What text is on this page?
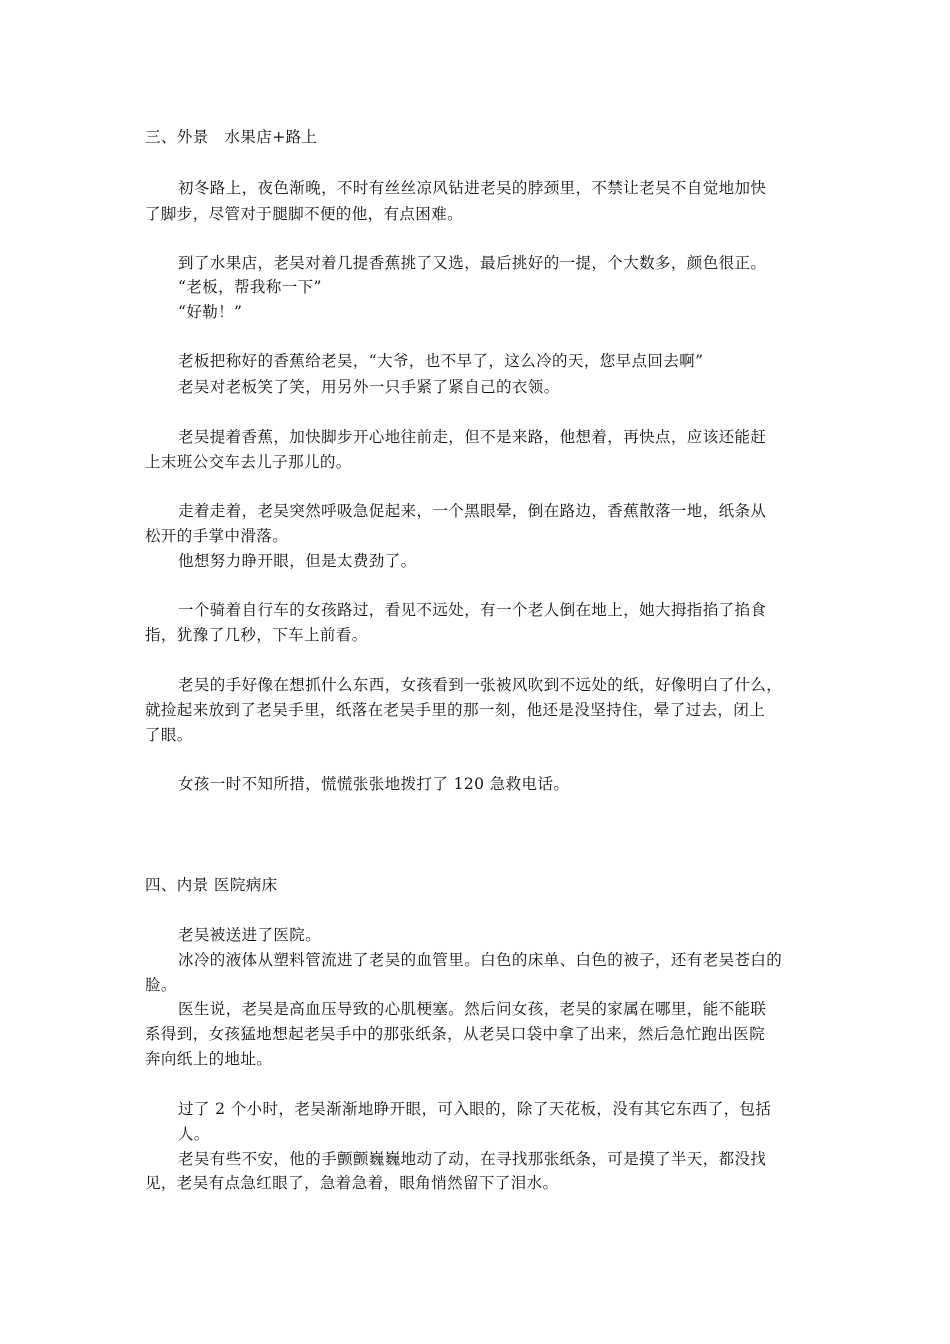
三、外景　水果店+路上
初冬路上，夜色渐晚，不时有丝丝凉风钻进老吴的脖颈里，不禁让老吴不自觉地加快
了脚步，尽管对于腿脚不便的他，有点困难。
到了水果店，老吴对着几提香蕉挑了又选，最后挑好的一提，个大数多，颜色很正。
“老板，帮我称一下”
“好勒！”
老板把称好的香蕉给老吴，“大爷，也不早了，这么冷的天，您早点回去啊”
老吴对老板笑了笑，用另外一只手紧了紧自己的衣领。
老吴提着香蕉，加快脚步开心地往前走，但不是来路，他想着，再快点，应该还能赶
上末班公交车去儿子那儿的。
走着走着，老吴突然呼吸急促起来，一个黑眼晕，倒在路边，香蕉散落一地，纸条从
松开的手掌中滑落。
他想努力睁开眼，但是太费劲了。
一个骑着自行车的女孩路过，看见不远处，有一个老人倒在地上，她大拇指掐了掐食
指，犹豫了几秒，下车上前看。
老吴的手好像在想抓什么东西，女孩看到一张被风吹到不远处的纸，好像明白了什么，
就捡起来放到了老吴手里，纸落在老吴手里的那一刻，他还是没坚持住，晕了过去，闭上
了眼。
女孩一时不知所措，慌慌张张地拨打了 120 急救电话。
四、内景 医院病床
老吴被送进了医院。
冰冷的液体从塑料管流进了老吴的血管里。白色的床单、白色的被子，还有老吴苍白的
脸。
医生说，老吴是高血压导致的心肌梗塞。然后问女孩，老吴的家属在哪里，能不能联
系得到，女孩猛地想起老吴手中的那张纸条，从老吴口袋中拿了出来，然后急忙跑出医院
奔向纸上的地址。
过了 2 个小时，老吴渐渐地睁开眼，可入眼的，除了天花板，没有其它东西了，包括
人。
老吴有些不安，他的手颤颤巍巍地动了动，在寻找那张纸条，可是摸了半天，都没找
见，老吴有点急红眼了，急着急着，眼角悄然留下了泪水。
